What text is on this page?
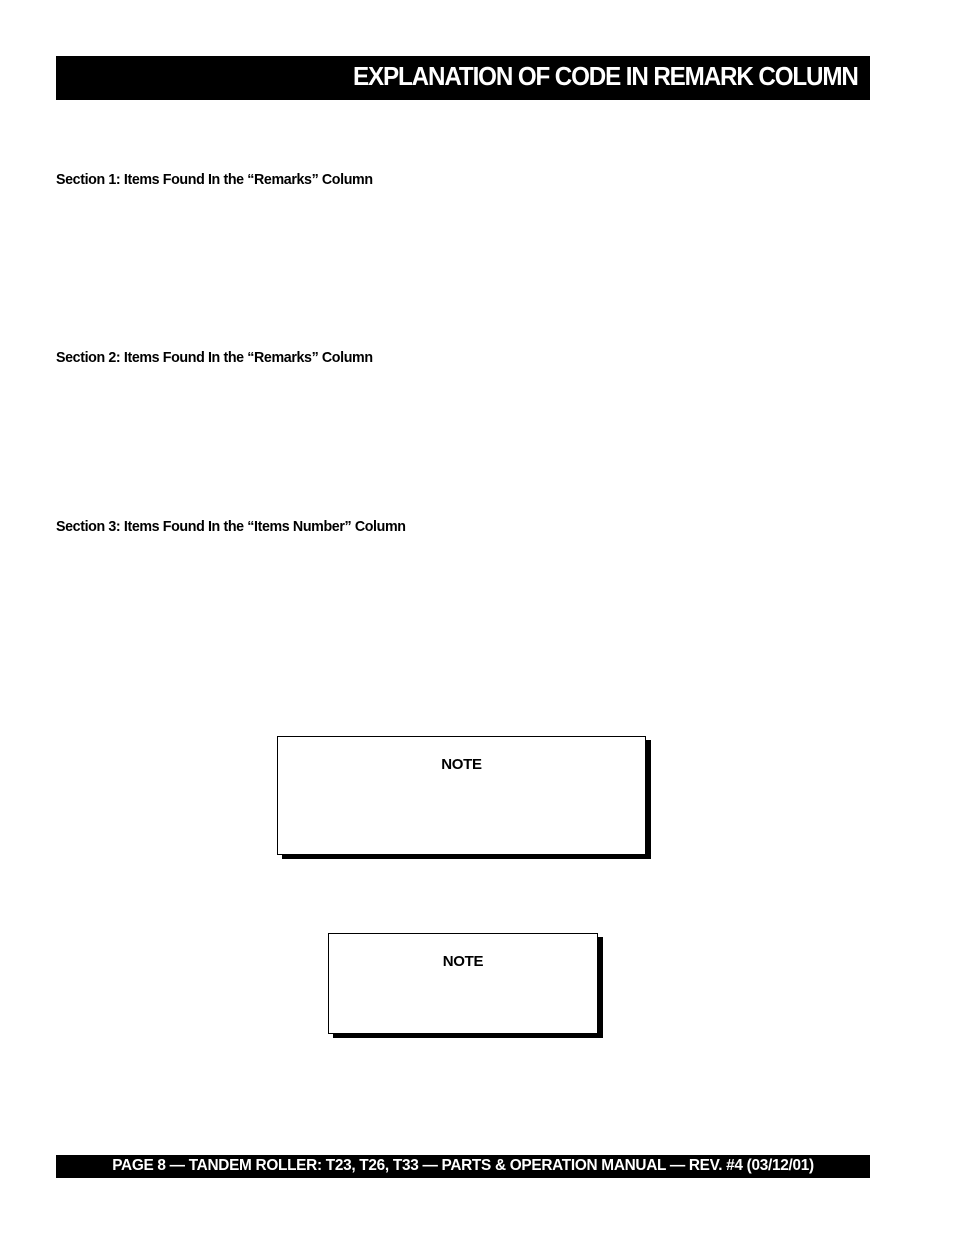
EXPLANATION OF CODE IN REMARK COLUMN
Section 1: Items Found In the “Remarks” Column
Section 2: Items Found In the “Remarks” Column
Section 3: Items Found In the “Items Number” Column
NOTE
NOTE
PAGE 8 — TANDEM ROLLER: T23, T26, T33 — PARTS & OPERATION MANUAL — REV. #4 (03/12/01)
